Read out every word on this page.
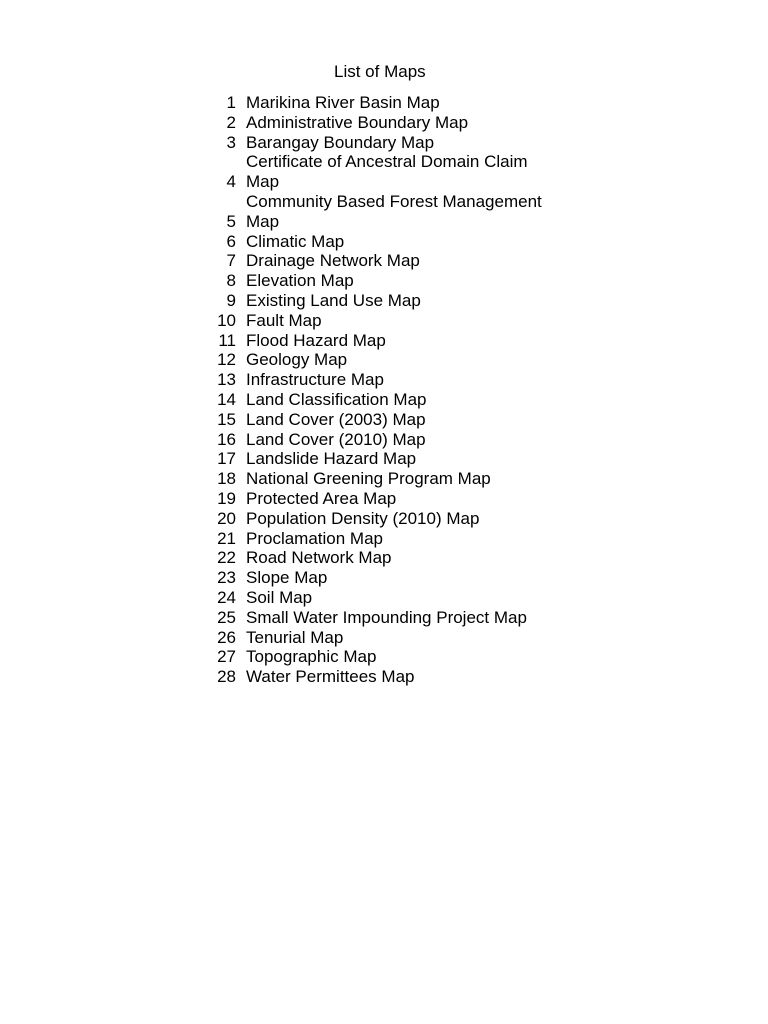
List of Maps
1 Marikina River Basin Map
2 Administrative Boundary Map
3 Barangay Boundary Map
4
Certificate of Ancestral Domain Claim
Map
5
Community Based Forest Management
Map
6 Climatic Map
7 Drainage Network Map
8 Elevation Map
9 Existing Land Use Map
10 Fault Map
11 Flood Hazard Map
12 Geology Map
13 Infrastructure Map
14 Land Classification Map
15 Land Cover (2003) Map
16 Land Cover (2010) Map
17 Landslide Hazard Map
18 National Greening Program Map
19 Protected Area Map
20 Population Density (2010) Map
21 Proclamation Map
22 Road Network Map
23 Slope Map
24 Soil Map
25 Small Water Impounding Project Map
26 Tenurial Map
27 Topographic Map
28 Water Permittees Map
